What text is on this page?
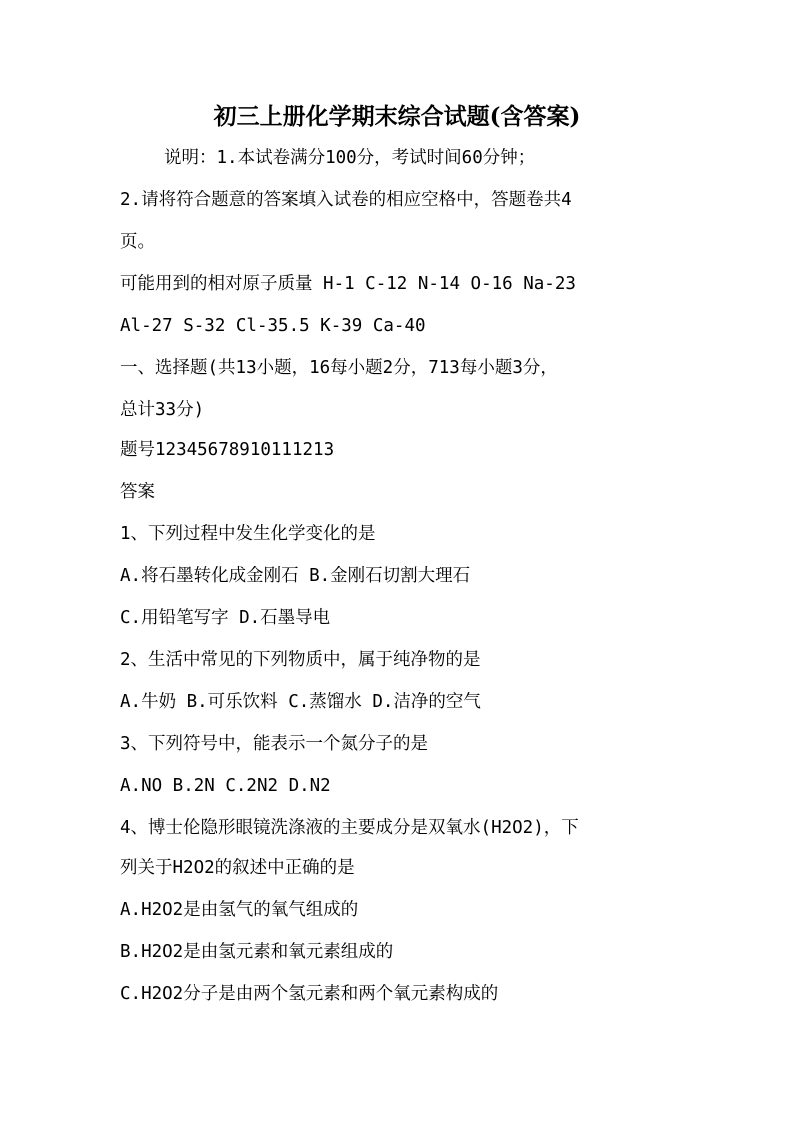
初三上册化学期末综合试题(含答案)
说明：1.本试卷满分100分，考试时间60分钟；
2.请将符合题意的答案填入试卷的相应空格中，答题卷共4
页。
可能用到的相对原子质量 H-1 C-12 N-14 O-16 Na-23
Al-27 S-32 Cl-35.5 K-39 Ca-40
一、选择题(共13小题，16每小题2分，713每小题3分，
总计33分)
题号12345678910111213
答案
1、下列过程中发生化学变化的是
A.将石墨转化成金刚石 B.金刚石切割大理石
C.用铅笔写字 D.石墨导电
2、生活中常见的下列物质中，属于纯净物的是
A.牛奶 B.可乐饮料 C.蒸馏水 D.洁净的空气
3、下列符号中，能表示一个氮分子的是
A.NO B.2N C.2N2 D.N2
4、博士伦隐形眼镜洗涤液的主要成分是双氧水(H2O2)，下
列关于H2O2的叙述中正确的是
A.H2O2是由氢气的氧气组成的
B.H2O2是由氢元素和氧元素组成的
C.H2O2分子是由两个氢元素和两个氧元素构成的
